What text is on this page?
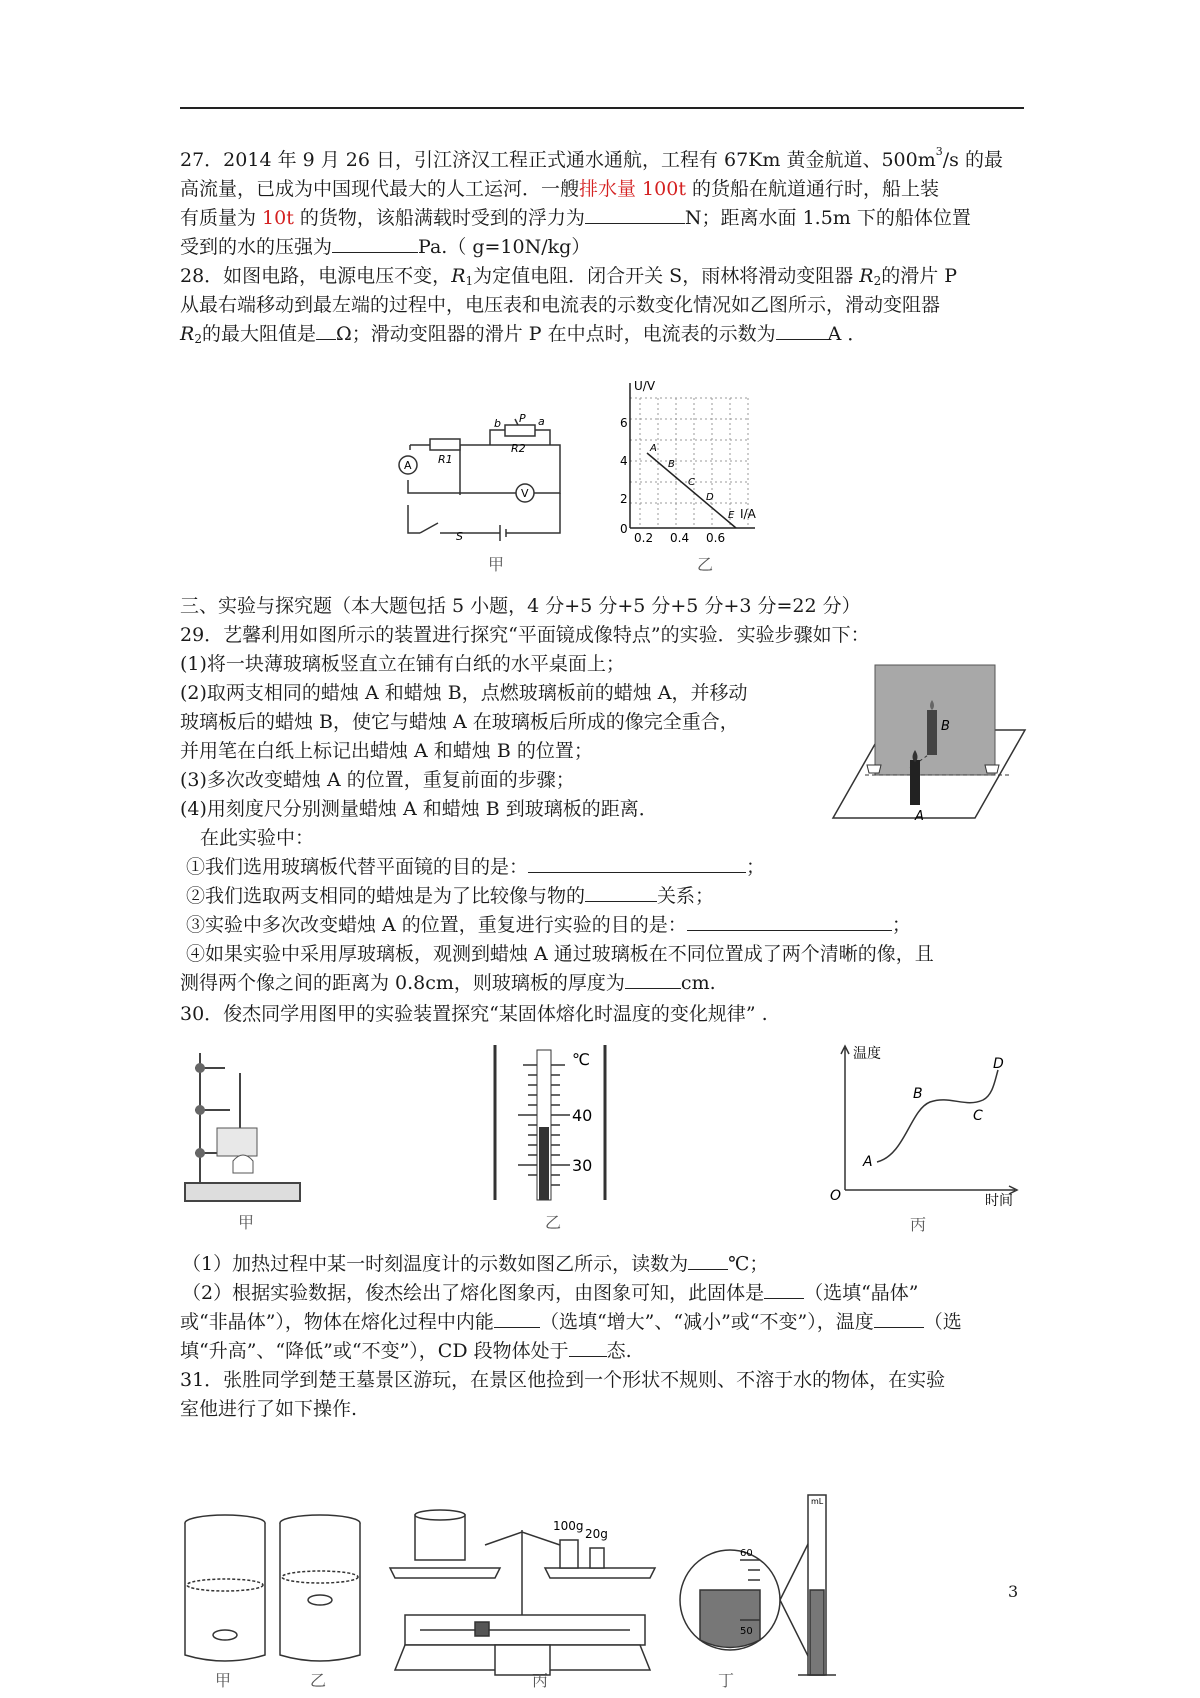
27．2014 年 9 月 26 日，引江济汉工程正式通水通航，工程有 67Km 黄金航道、$500m^3/s$ 的最
高流量，已成为中国现代最大的人工运河．一艘排水量 100t 的货船在航道通行时，船上装
有质量为 10t 的货物，该船满载时受到的浮力为	N；距离水面 1.5m 下的船体位置
受到的水的压强为	Pa.（ g=10N/kg）
28．如图电路，电源电压不变，$R_1$为定值电阻．闭合开关 S，雨林将滑动变阻器 $R_2$的滑片 P
从最右端移动到最左端的过程中，电压表和电流表的示数变化情况如乙图所示，滑动变阻器
$R_2$的最大阻值是 Ω；滑动变阻器的滑片 P 在中点时，电流表的示数为	A ．
R1
R2
b P a
A
V
S
甲
U/V
I/A
0
2
4
6
0.2 0.4 0.6
A
B
C
D
E
乙
三、实验与探究题（本大题包括 5 小题，4 分+5 分+5 分+5 分+3 分=22 分）
29．艺馨利用如图所示的装置进行探究“平面镜成像特点”的实验．实验步骤如下：
(1)将一块薄玻璃板竖直立在铺有白纸的水平桌面上；
(2)取两支相同的蜡烛 A 和蜡烛 B，点燃玻璃板前的蜡烛 A，并移动
玻璃板后的蜡烛 B，使它与蜡烛 A 在玻璃板后所成的像完全重合，
并用笔在白纸上标记出蜡烛 A 和蜡烛 B 的位置；
(3)多次改变蜡烛 A 的位置，重复前面的步骤；
(4)用刻度尺分别测量蜡烛 A 和蜡烛 B 到玻璃板的距离．
在此实验中：
①我们选用玻璃板代替平面镜的目的是：	；
②我们选取两支相同的蜡烛是为了比较像与物的	关系；
③实验中多次改变蜡烛 A 的位置，重复进行实验的目的是：	；
④如果实验中采用厚玻璃板，观测到蜡烛 A 通过玻璃板在不同位置成了两个清晰的像，且
测得两个像之间的距离为 0.8cm，则玻璃板的厚度为	cm.
A
B
30．俊杰同学用图甲的实验装置探究“某固体熔化时温度的变化规律” .
甲
℃
40
30
乙
温度
时间
O
A
B
C
D
丙
（1）加热过程中某一时刻温度计的示数如图乙所示，读数为 ℃；
（2）根据实验数据，俊杰绘出了熔化图象丙，由图象可知，此固体是 （选填“晶体”
或“非晶体”），物体在熔化过程中内能 （选填“增大”、“减小”或“不变”），温度	（选
填“升高”、“降低”或“不变”），CD 段物体处于 态.
31．张胜同学到楚王墓景区游玩，在景区他捡到一个形状不规则、不溶于水的物体，在实验
室他进行了如下操作.
甲	乙
100g
20g
丙
60
50
mL
丁
3
